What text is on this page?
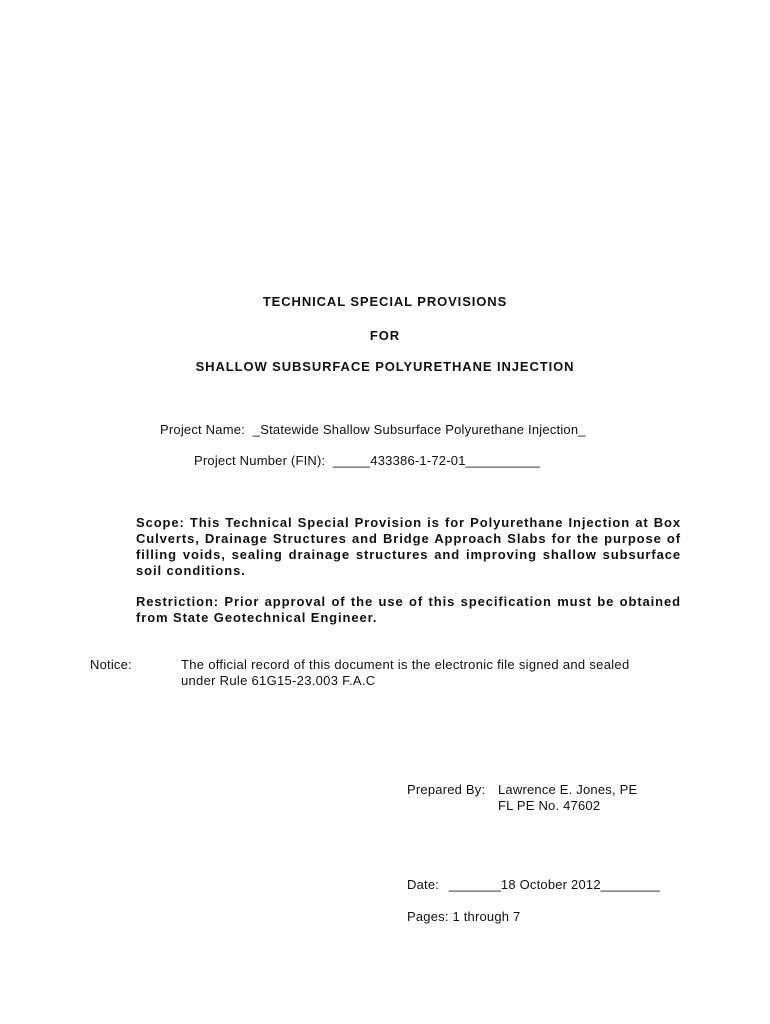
TECHNICAL SPECIAL PROVISIONS
FOR
SHALLOW SUBSURFACE POLYURETHANE INJECTION
Project Name: _Statewide Shallow Subsurface Polyurethane Injection_
Project Number (FIN): _____433386-1-72-01__________
Scope: This Technical Special Provision is for Polyurethane Injection at Box Culverts, Drainage Structures and Bridge Approach Slabs for the purpose of filling voids, sealing drainage structures and improving shallow subsurface soil conditions.
Restriction: Prior approval of the use of this specification must be obtained from State Geotechnical Engineer.
Notice:	The official record of this document is the electronic file signed and sealed under Rule 61G15-23.003 F.A.C
Prepared By: Lawrence E. Jones, PE
FL PE No. 47602
Date: _______18 October 2012________
Pages: 1 through 7
